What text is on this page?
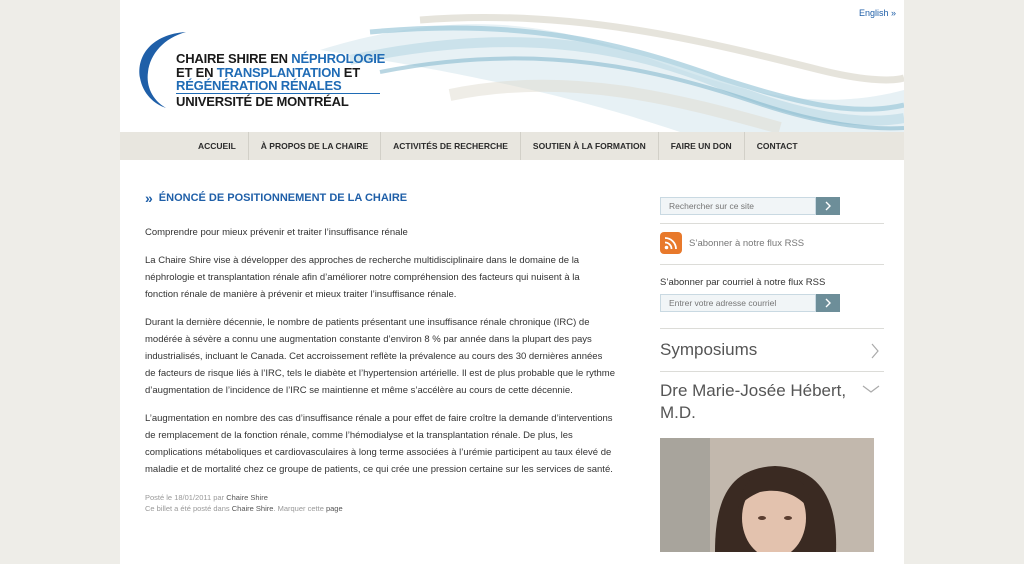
English »
CHAIRE SHIRE EN NÉPHROLOGIE
ET EN TRANSPLANTATION ET
RÉGÉNÉRATION RÉNALES
UNIVERSITÉ DE MONTRÉAL
ACCUEIL	À PROPOS DE LA CHAIRE	ACTIVITÉS DE RECHERCHE	SOUTIEN À LA FORMATION	FAIRE UN DON	CONTACT
» ÉNONCÉ DE POSITIONNEMENT DE LA CHAIRE

Comprendre pour mieux prévenir et traiter l’insuffisance rénale

La Chaire Shire vise à développer des approches de recherche multidisciplinaire dans le domaine de la néphrologie et transplantation rénale afin d’améliorer notre compréhension des facteurs qui nuisent à la fonction rénale de manière à prévenir et mieux traiter l’insuffisance rénale.

Durant la dernière décennie, le nombre de patients présentant une insuffisance rénale chronique (IRC) de modérée à sévère a connu une augmentation constante d’environ 8 % par année dans la plupart des pays industrialisés, incluant le Canada. Cet accroissement reflète la prévalence au cours des 30 dernières années de facteurs de risque liés à l’IRC, tels le diabète et l’hypertension artérielle. Il est de plus probable que le rythme d’augmentation de l’incidence de l’IRC se maintienne et même s’accélère au cours de cette décennie.

L’augmentation en nombre des cas d’insuffisance rénale a pour effet de faire croître la demande d’interventions de remplacement de la fonction rénale, comme l’hémodialyse et la transplantation rénale. De plus, les complications métaboliques et cardiovasculaires à long terme associées à l’urémie participent au taux élevé de maladie et de mortalité chez ce groupe de patients, ce qui crée une pression certaine sur les services de santé.

Posté le 18/01/2011 par Chaire Shire
Ce billet a été posté dans Chaire Shire. Marquer cette page
Rechercher sur ce site
S’abonner à notre flux RSS
S’abonner par courriel à notre flux RSS
Entrer votre adresse courriel
Symposiums
Dre Marie-Josée Hébert,
M.D.
